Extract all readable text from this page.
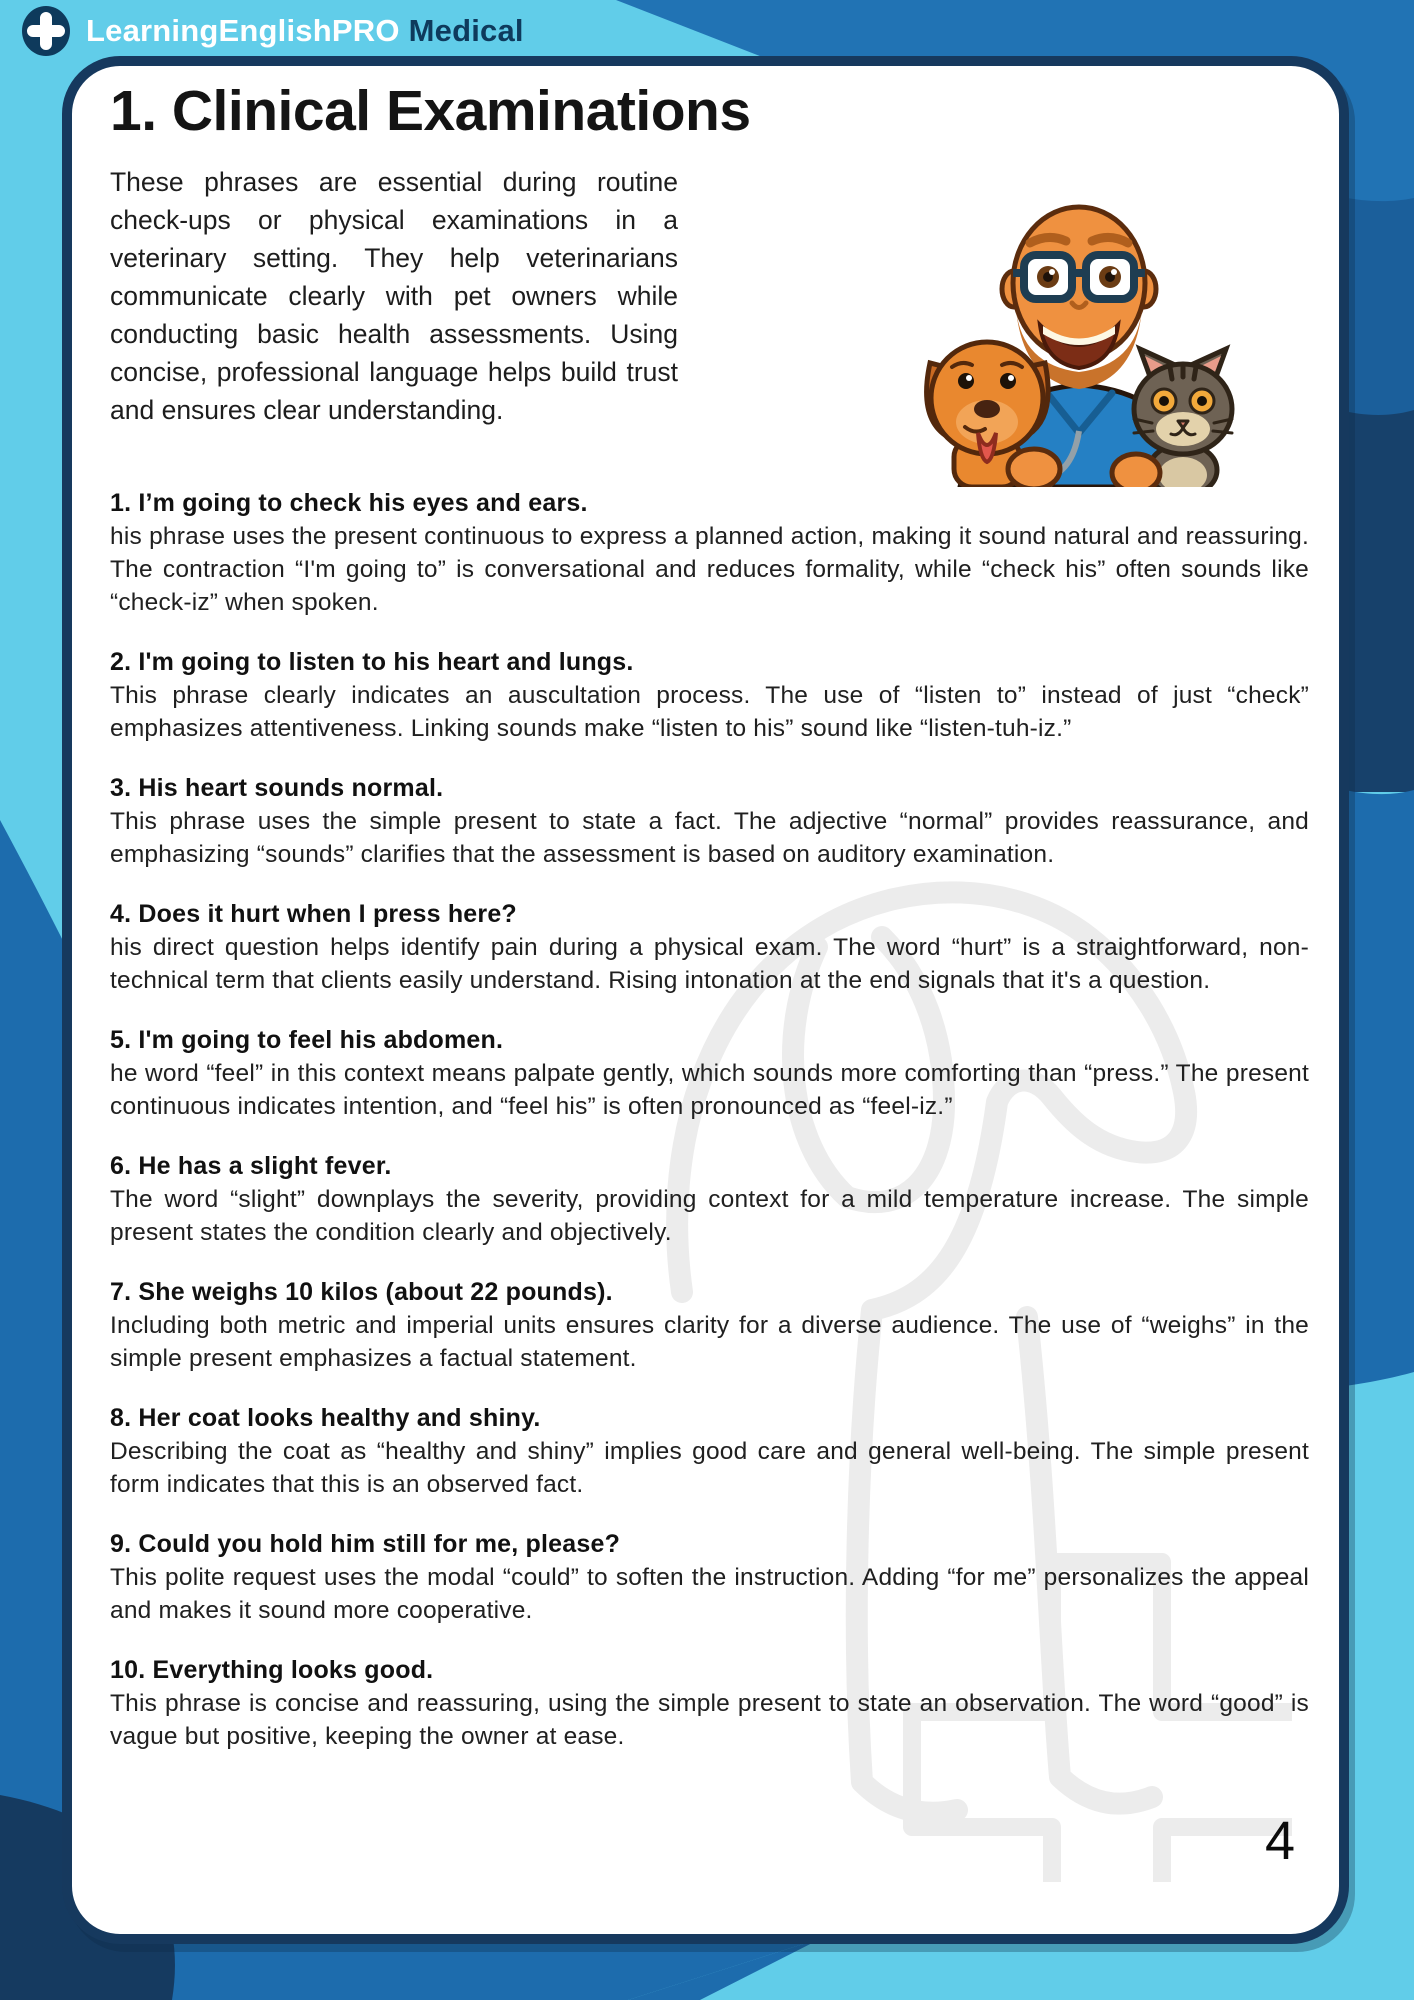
LearningEnglishPRO Medical
1. Clinical Examinations

These phrases are essential during routine check-ups or physical examinations in a veterinary setting. They help veterinarians communicate clearly with pet owners while conducting basic health assessments. Using concise, professional language helps build trust and ensures clear understanding.

1. I’m going to check his eyes and ears.

his phrase uses the present continuous to express a planned action, making it sound natural and reassuring. The contraction “I'm going to” is conversational and reduces formality, while “check his” often sounds like “check-iz” when spoken.

2. I'm going to listen to his heart and lungs.

This phrase clearly indicates an auscultation process. The use of “listen to” instead of just “check” emphasizes attentiveness. Linking sounds make “listen to his” sound like “listen-tuh-iz.”

3. His heart sounds normal.

This phrase uses the simple present to state a fact. The adjective “normal” provides reassurance, and emphasizing “sounds” clarifies that the assessment is based on auditory examination.

4. Does it hurt when I press here?

his direct question helps identify pain during a physical exam. The word “hurt” is a straightforward, non-technical term that clients easily understand. Rising intonation at the end signals that it's a question.

5. I'm going to feel his abdomen.

he word “feel” in this context means palpate gently, which sounds more comforting than “press.” The present continuous indicates intention, and “feel his” is often pronounced as “feel-iz.”

6. He has a slight fever.

The word “slight” downplays the severity, providing context for a mild temperature increase. The simple present states the condition clearly and objectively.

7. She weighs 10 kilos (about 22 pounds).

Including both metric and imperial units ensures clarity for a diverse audience. The use of “weighs” in the simple present emphasizes a factual statement.

8. Her coat looks healthy and shiny.

Describing the coat as “healthy and shiny” implies good care and general well-being. The simple present form indicates that this is an observed fact.

9. Could you hold him still for me, please?

This polite request uses the modal “could” to soften the instruction. Adding “for me” personalizes the appeal and makes it sound more cooperative.

10. Everything looks good.

This phrase is concise and reassuring, using the simple present to state an observation. The word “good” is vague but positive, keeping the owner at ease.

4
